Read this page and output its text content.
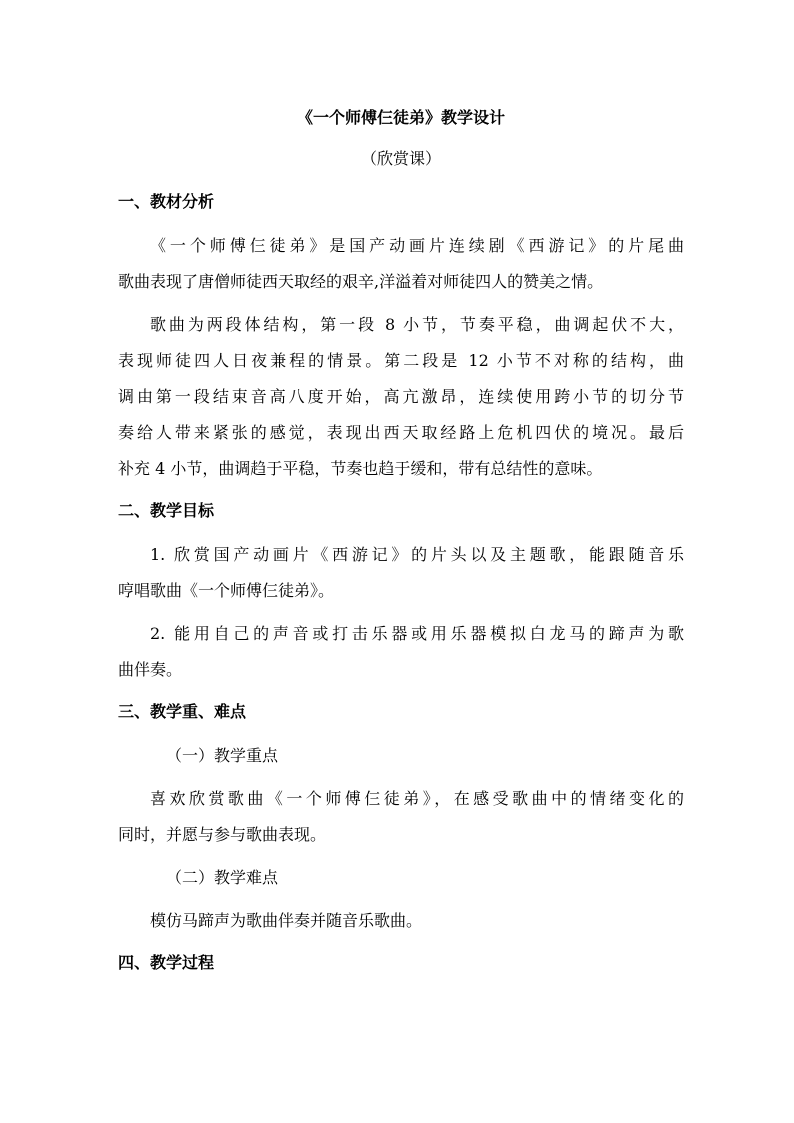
《一个师傅仨徒弟》教学设计
（欣赏课）
一、教材分析
《一个师傅仨徒弟》是国产动画片连续剧《西游记》的片尾曲
歌曲表现了唐僧师徒西天取经的艰辛,洋溢着对师徒四人的赞美之情。
歌曲为两段体结构，第一段 8 小节，节奏平稳，曲调起伏不大，
表现师徒四人日夜兼程的情景。第二段是 12 小节不对称的结构，曲
调由第一段结束音高八度开始，高亢激昂，连续使用跨小节的切分节
奏给人带来紧张的感觉，表现出西天取经路上危机四伏的境况。最后
补充 4 小节，曲调趋于平稳，节奏也趋于缓和，带有总结性的意味。
二、教学目标
1. 欣赏国产动画片《西游记》的片头以及主题歌，能跟随音乐
哼唱歌曲《一个师傅仨徒弟》。
2. 能用自己的声音或打击乐器或用乐器模拟白龙马的蹄声为歌
曲伴奏。
三、教学重、难点
（一）教学重点
喜欢欣赏歌曲《一个师傅仨徒弟》，在感受歌曲中的情绪变化的
同时，并愿与参与歌曲表现。
（二）教学难点
模仿马蹄声为歌曲伴奏并随音乐歌曲。
四、教学过程
